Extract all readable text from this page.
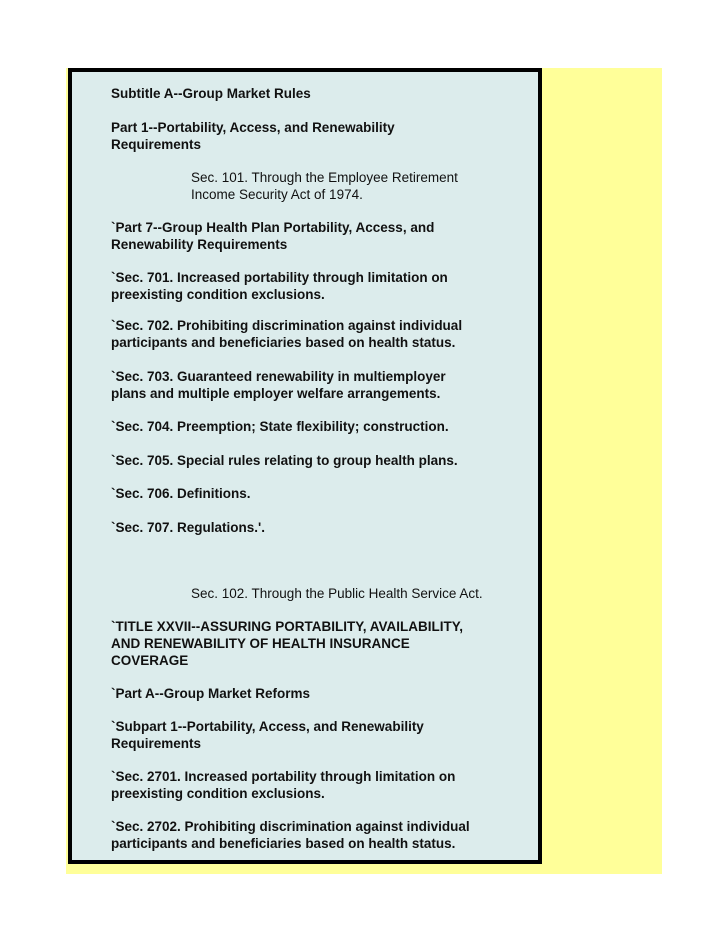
Subtitle A--Group Market Rules

Part 1--Portability, Access, and Renewability
Requirements

Sec. 101. Through the Employee Retirement
Income Security Act of 1974.

`Part 7--Group Health Plan Portability, Access, and
Renewability Requirements

`Sec. 701. Increased portability through limitation on
preexisting condition exclusions.

`Sec. 702. Prohibiting discrimination against individual
participants and beneficiaries based on health status.

`Sec. 703. Guaranteed renewability in multiemployer
plans and multiple employer welfare arrangements.

`Sec. 704. Preemption; State flexibility; construction.

`Sec. 705. Special rules relating to group health plans.

`Sec. 706. Definitions.

`Sec. 707. Regulations.'.

Sec. 102. Through the Public Health Service Act.

`TITLE XXVII--ASSURING PORTABILITY, AVAILABILITY,
AND RENEWABILITY OF HEALTH INSURANCE
COVERAGE

`Part A--Group Market Reforms

`Subpart 1--Portability, Access, and Renewability
Requirements

`Sec. 2701. Increased portability through limitation on
preexisting condition exclusions.

`Sec. 2702. Prohibiting discrimination against individual
participants and beneficiaries based on health status.
